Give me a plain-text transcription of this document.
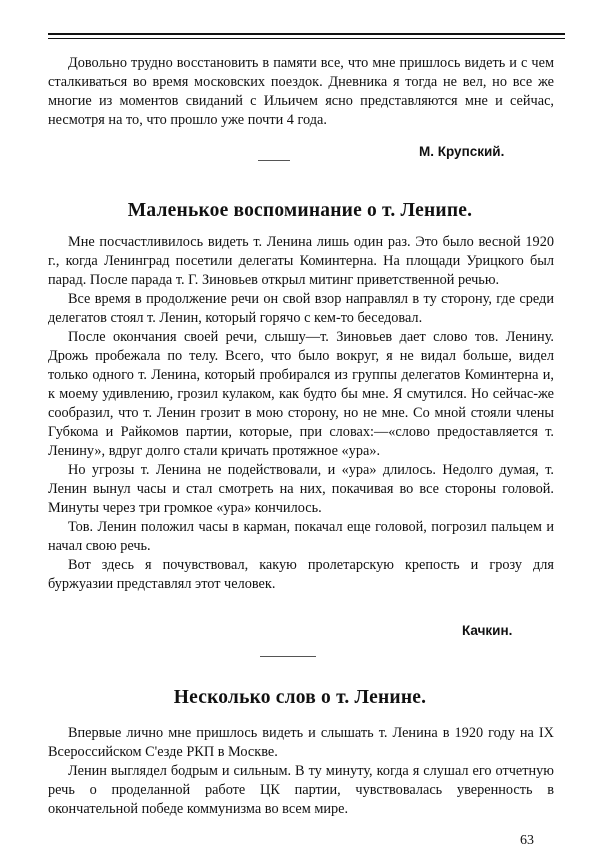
Довольно трудно восстановить в памяти все, что мне пришлось видеть и с чем сталкиваться во время московских поездок. Дневника я тогда не вел, но все же многие из моментов свиданий с Ильичем ясно представляются мне и сейчас, несмотря на то, что прошло уже почти 4 года.

М. Крупский.
Маленькое воспоминание о т. Ленипе.

Мне посчастливилось видеть т. Ленина лишь один раз. Это было весной 1920 г., когда Ленинград посетили делегаты Коминтерна. На площади Урицкого был парад. После парада т. Г. Зиновьев открыл митинг приветственной речью.

Все время в продолжение речи он свой взор направлял в ту сторону, где среди делегатов стоял т. Ленин, который горячо с кем-то беседовал.

После окончания своей речи, слышу—т. Зиновьев дает слово тов. Ленину. Дрожь пробежала по телу. Всего, что было вокруг, я не видал больше, видел только одного т. Ленина, который пробирался из группы делегатов Коминтерна и, к моему удивлению, грозил кулаком, как будто бы мне. Я смутился. Но сейчас-же сообразил, что т. Ленин грозит в мою сторону, но не мне. Со мной стояли члены Губкома и Райкомов партии, которые, при словах:—«слово предоставляется т. Ленину», вдруг долго стали кричать протяжное «ура».

Но угрозы т. Ленина не подействовали, и «ура» длилось. Недолго думая, т. Ленин вынул часы и стал смотреть на них, покачивая во все стороны головой. Минуты через три громкое «ура» кончилось.

Тов. Ленин положил часы в карман, покачал еще головой, погрозил пальцем и начал свою речь.

Вот здесь я почувствовал, какую пролетарскую крепость и грозу для буржуазии представлял этот человек.

Качкин.
Несколько слов о т. Ленине.

Впервые лично мне пришлось видеть и слышать т. Ленина в 1920 году на IX Всероссийском С'езде РКП в Москве.

Ленин выглядел бодрым и сильным. В ту минуту, когда я слушал его отчетную речь о проделанной работе ЦК партии, чувствовалась уверенность в окончательной победе коммунизма во всем мире.

63
